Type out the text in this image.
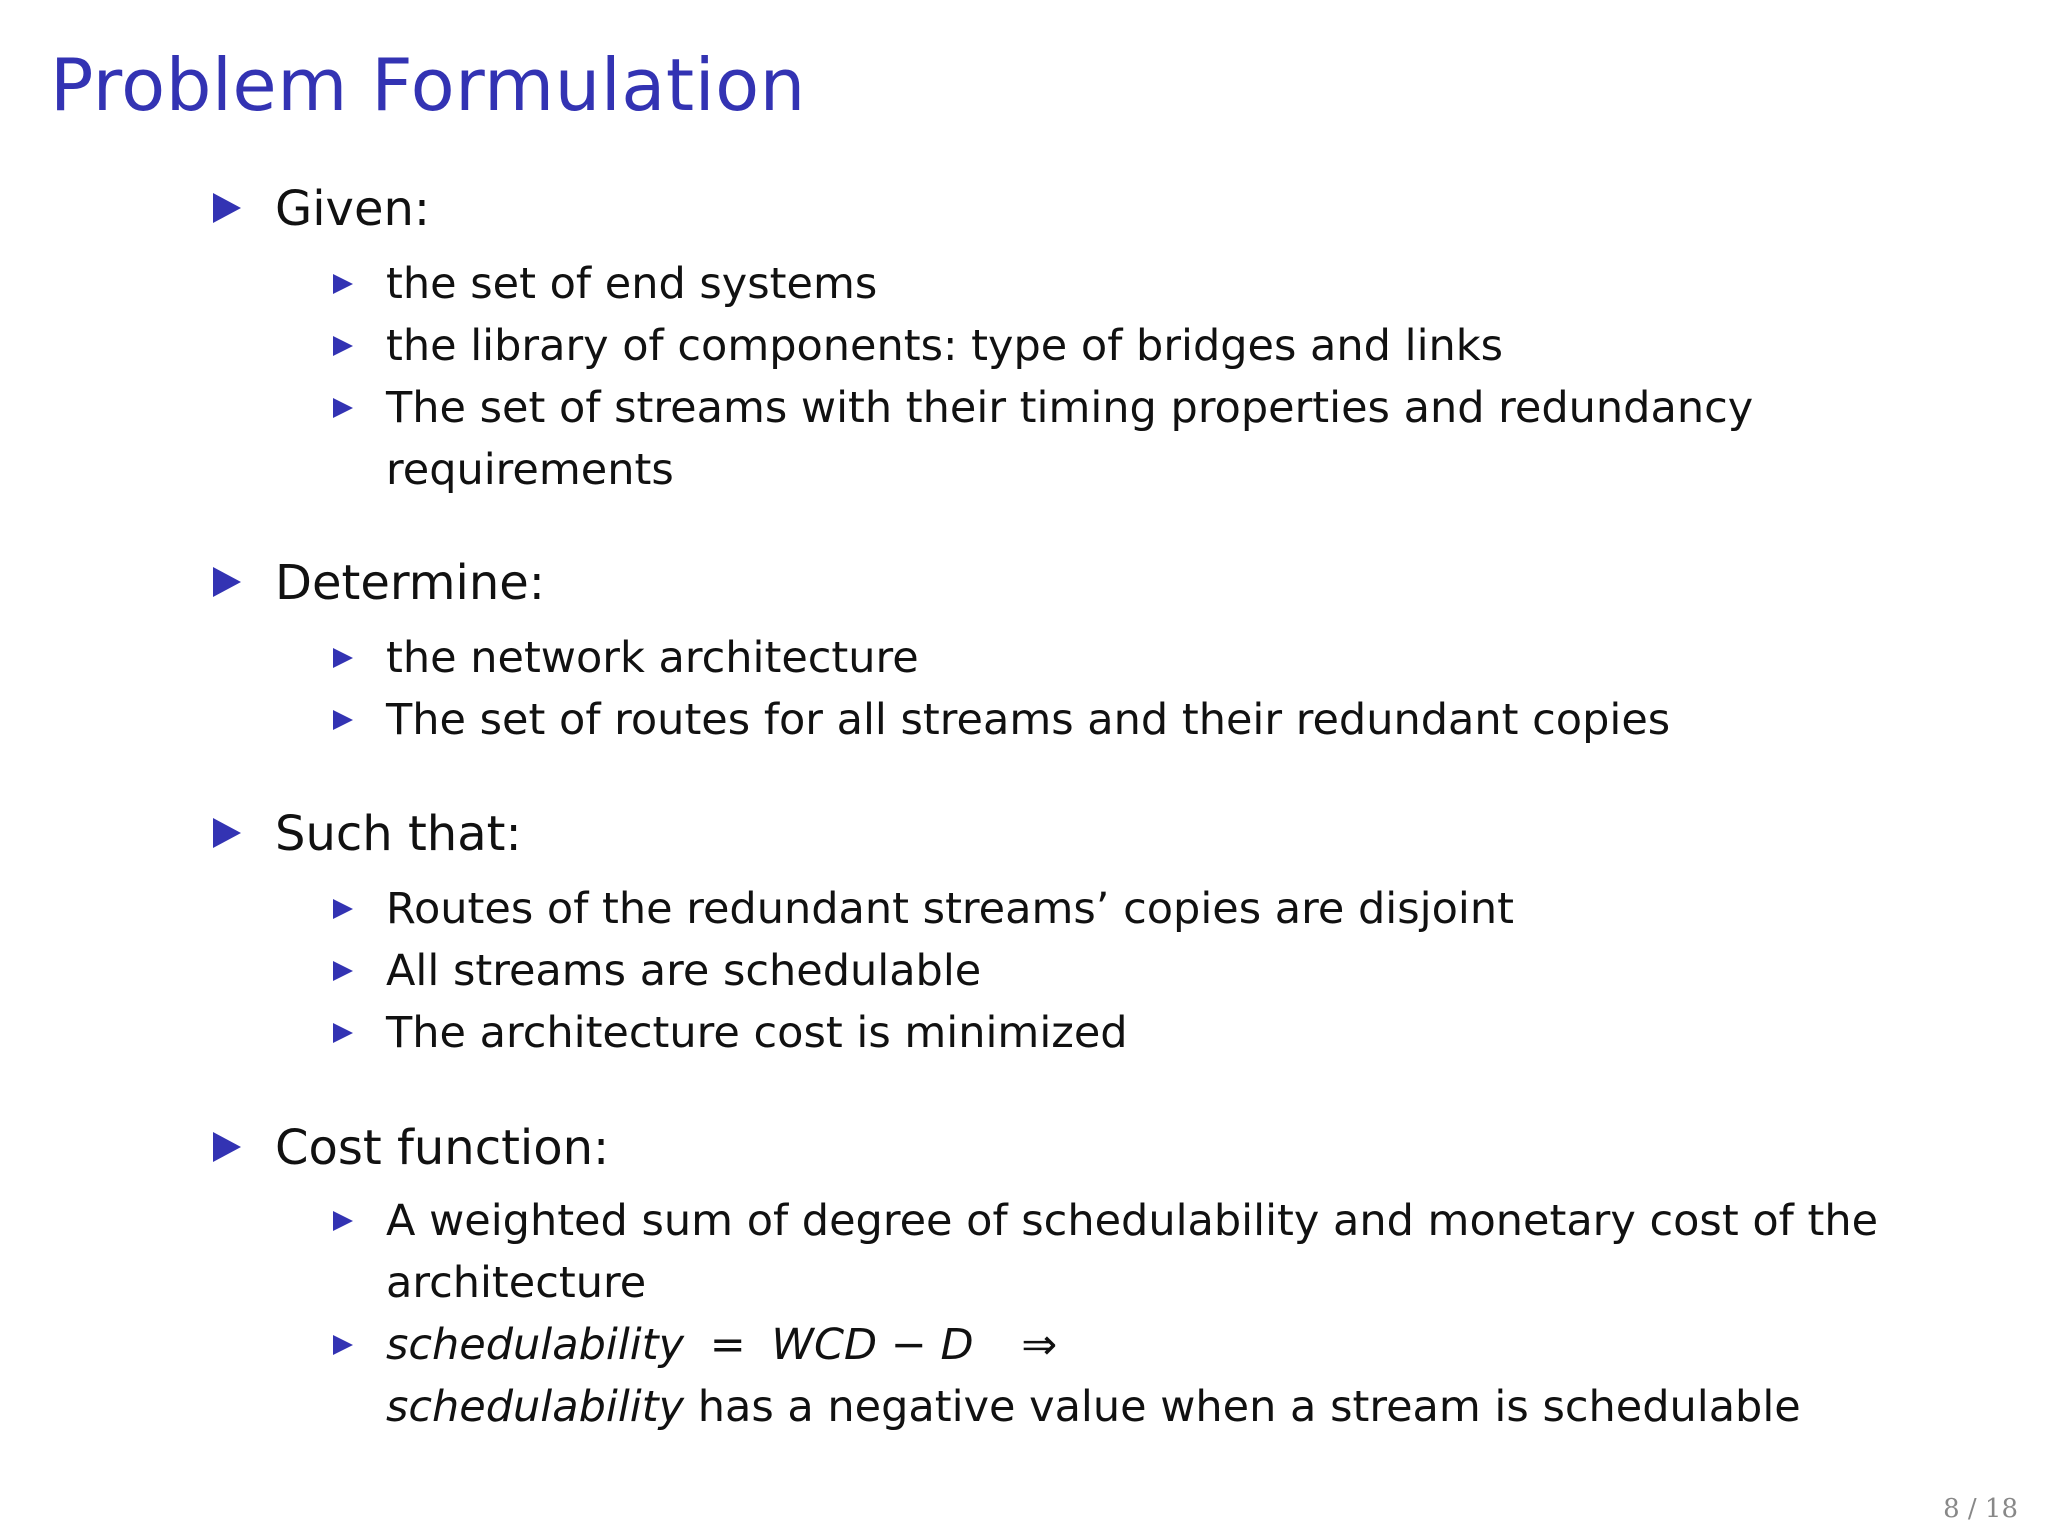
Problem Formulation
Given:
the set of end systems
the library of components: type of bridges and links
The set of streams with their timing properties and redundancy requirements
Determine:
the network architecture
The set of routes for all streams and their redundant copies
Such that:
Routes of the redundant streams’ copies are disjoint
All streams are schedulable
The architecture cost is minimized
Cost function:
A weighted sum of degree of schedulability and monetary cost of the architecture
schedulability = WCD − D ⇒
schedulability has a negative value when a stream is schedulable
8 / 18
